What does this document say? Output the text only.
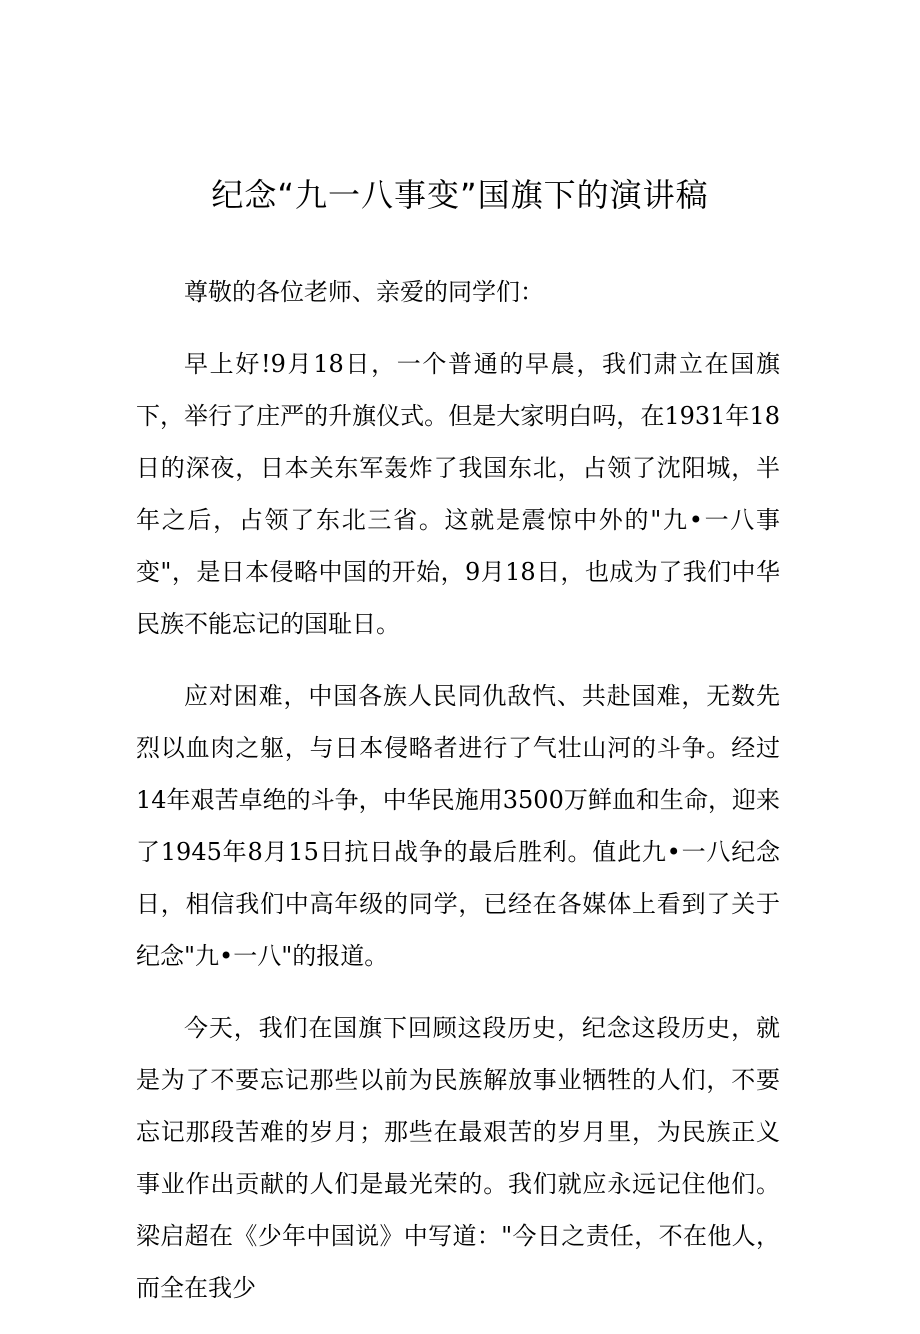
纪念“九一八事变”国旗下的演讲稿

尊敬的各位老师、亲爱的同学们：

早上好!9月18日，一个普通的早晨，我们肃立在国旗下，举行了庄严的升旗仪式。但是大家明白吗，在1931年18日的深夜，日本关东军轰炸了我国东北，占领了沈阳城，半年之后，占领了东北三省。这就是震惊中外的"九•一八事变"，是日本侵略中国的开始，9月18日，也成为了我们中华民族不能忘记的国耻日。

应对困难，中国各族人民同仇敌忾、共赴国难，无数先烈以血肉之躯，与日本侵略者进行了气壮山河的斗争。经过14年艰苦卓绝的斗争，中华民施用3500万鲜血和生命，迎来了1945年8月15日抗日战争的最后胜利。值此九•一八纪念日，相信我们中高年级的同学，已经在各媒体上看到了关于纪念"九•一八"的报道。

今天，我们在国旗下回顾这段历史，纪念这段历史，就是为了不要忘记那些以前为民族解放事业牺牲的人们，不要忘记那段苦难的岁月；那些在最艰苦的岁月里，为民族正义事业作出贡献的人们是最光荣的。我们就应永远记住他们。梁启超在《少年中国说》中写道："今日之责任，不在他人，而全在我少
